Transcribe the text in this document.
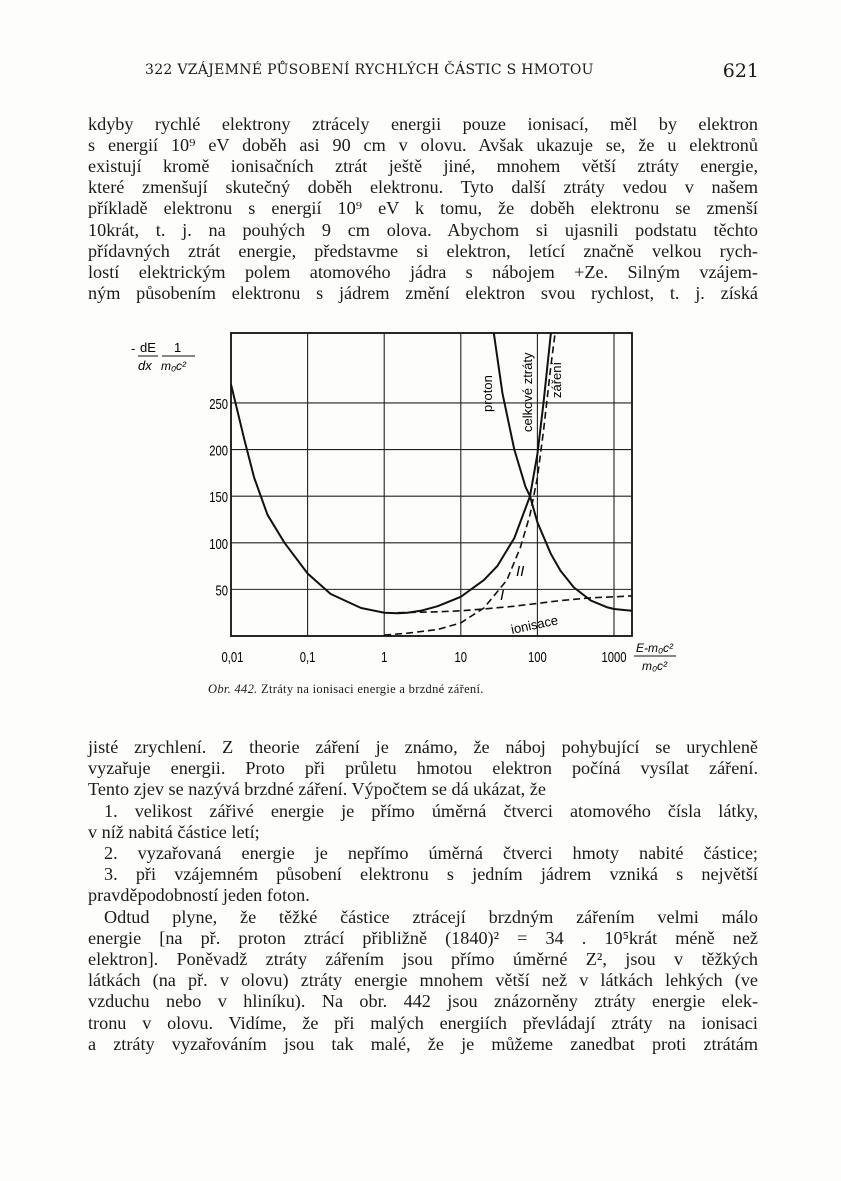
322 VZÁJEMNÉ PŮSOBENÍ RYCHLÝCH ČÁSTIC S HMOTOU	621
kdyby rychlé elektrony ztrácely energii pouze ionisací, měl by elektron
s energií 10⁹ eV doběh asi 90 cm v olovu. Avšak ukazuje se, že u elektronů
existují kromě ionisačních ztrát ještě jiné, mnohem větší ztráty energie,
které zmenšují skutečný doběh elektronu. Tyto další ztráty vedou v našem
příkladě elektronu s energií 10⁹ eV k tomu, že doběh elektronu se zmenší
10krát, t. j. na pouhých 9 cm olova. Abychom si ujasnili podstatu těchto
přídavných ztrát energie, představme si elektron, letící značně velkou rych-
lostí elektrickým polem atomového jádra s nábojem +Ze. Silným vzájem-
ným působením elektronu s jádrem změní elektron svou rychlost, t. j. získá
0,01	0,1	1	10	100	1000
50
100
150
200
250
- dE
dx
1
m₀c²
E-m₀c²
m₀c²
proton celkové ztráty záření
I
II
ionisace
Obr. 442. Ztráty na ionisaci energie a brzdné záření.
jisté zrychlení. Z theorie záření je známo, že náboj pohybující se urychleně
vyzařuje energii. Proto při průletu hmotou elektron počíná vysílat záření.
Tento zjev se nazývá brzdné záření. Výpočtem se dá ukázat, že
1. velikost zářivé energie je přímo úměrná čtverci atomového čísla látky,
v níž nabitá částice letí;
2. vyzařovaná energie je nepřímo úměrná čtverci hmoty nabité částice;
3. při vzájemném působení elektronu s jedním jádrem vzniká s největší
pravděpodobností jeden foton.
Odtud plyne, že těžké částice ztrácejí brzdným zářením velmi málo
energie [na př. proton ztrácí přibližně (1840)² = 34 . 10⁵krát méně než
elektron]. Poněvadž ztráty zářením jsou přímo úměrné Z², jsou v těžkých
látkách (na př. v olovu) ztráty energie mnohem větší než v látkách lehkých (ve
vzduchu nebo v hliníku). Na obr. 442 jsou znázorněny ztráty energie elek-
tronu v olovu. Vidíme, že při malých energiích převládají ztráty na ionisaci
a ztráty vyzařováním jsou tak malé, že je můžeme zanedbat proti ztrátám
